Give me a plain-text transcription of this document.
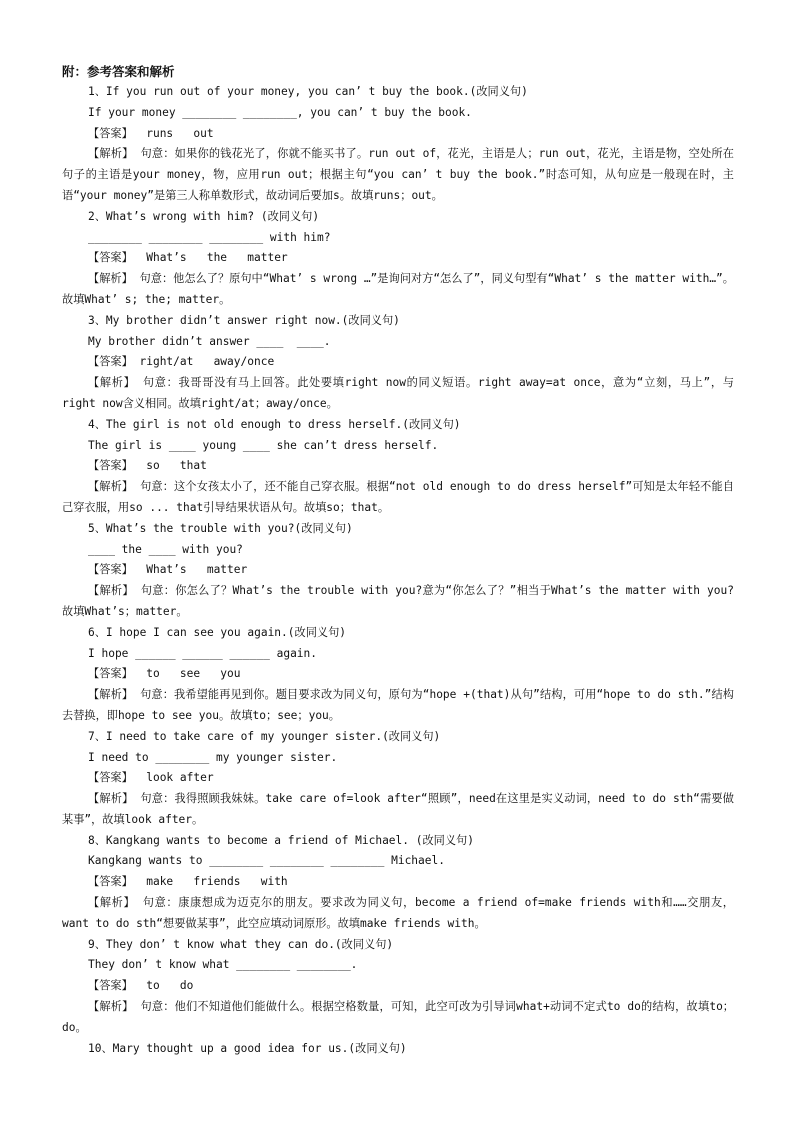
附：参考答案和解析
1、If you run out of your money, you can’ t buy the book.(改同义句)
If your money ________ ________, you can’ t buy the book.
【答案】  runs   out
【解析】 句意：如果你的钱花光了，你就不能买书了。run out of，花光，主语是人；run out，花光，主语是物，空处所在句子的主语是your money，物，应用run out；根据主句“you can’ t buy the book.”时态可知，从句应是一般现在时，主语“your money”是第三人称单数形式，故动词后要加s。故填runs；out。
2、What’s wrong with him? (改同义句)
________ ________ ________ with him?
【答案】  What’s   the   matter
【解析】 句意：他怎么了？原句中“What’ s wrong …”是询问对方“怎么了”，同义句型有“What’ s the matter with…”。故填What’ s; the; matter。
3、My brother didn’t answer right now.(改同义句)
My brother didn’t answer ____  ____.
【答案】 right/at   away/once
【解析】 句意：我哥哥没有马上回答。此处要填right now的同义短语。right away=at once，意为“立刻，马上”，与right now含义相同。故填right/at；away/once。
4、The girl is not old enough to dress herself.(改同义句)
The girl is ____ young ____ she can’t dress herself.
【答案】  so   that
【解析】 句意：这个女孩太小了，还不能自己穿衣服。根据“not old enough to do dress herself”可知是太年轻不能自己穿衣服，用so ... that引导结果状语从句。故填so；that。
5、What’s the trouble with you?(改同义句)
____ the ____ with you?
【答案】  What’s   matter
【解析】 句意：你怎么了？What’s the trouble with you?意为“你怎么了？”相当于What’s the matter with you?故填What’s；matter。
6、I hope I can see you again.(改同义句)
I hope ______ ______ ______ again.
【答案】  to   see   you
【解析】 句意：我希望能再见到你。题目要求改为同义句，原句为“hope +(that)从句”结构，可用“hope to do sth.”结构去替换，即hope to see you。故填to；see；you。
7、I need to take care of my younger sister.(改同义句)
I need to ________ my younger sister.
【答案】  look after
【解析】 句意：我得照顾我妹妹。take care of=look after“照顾”，need在这里是实义动词，need to do sth“需要做某事”，故填look after。
8、Kangkang wants to become a friend of Michael. (改同义句)
Kangkang wants to ________ ________ ________ Michael.
【答案】  make   friends   with
【解析】 句意：康康想成为迈克尔的朋友。要求改为同义句，become a friend of=make friends with和……交朋友，want to do sth“想要做某事”，此空应填动词原形。故填make friends with。
9、They don’ t know what they can do.(改同义句)
They don’ t know what ________ ________.
【答案】  to   do
【解析】 句意：他们不知道他们能做什么。根据空格数量，可知，此空可改为引导词what+动词不定式to do的结构，故填to；do。
10、Mary thought up a good idea for us.(改同义句)
